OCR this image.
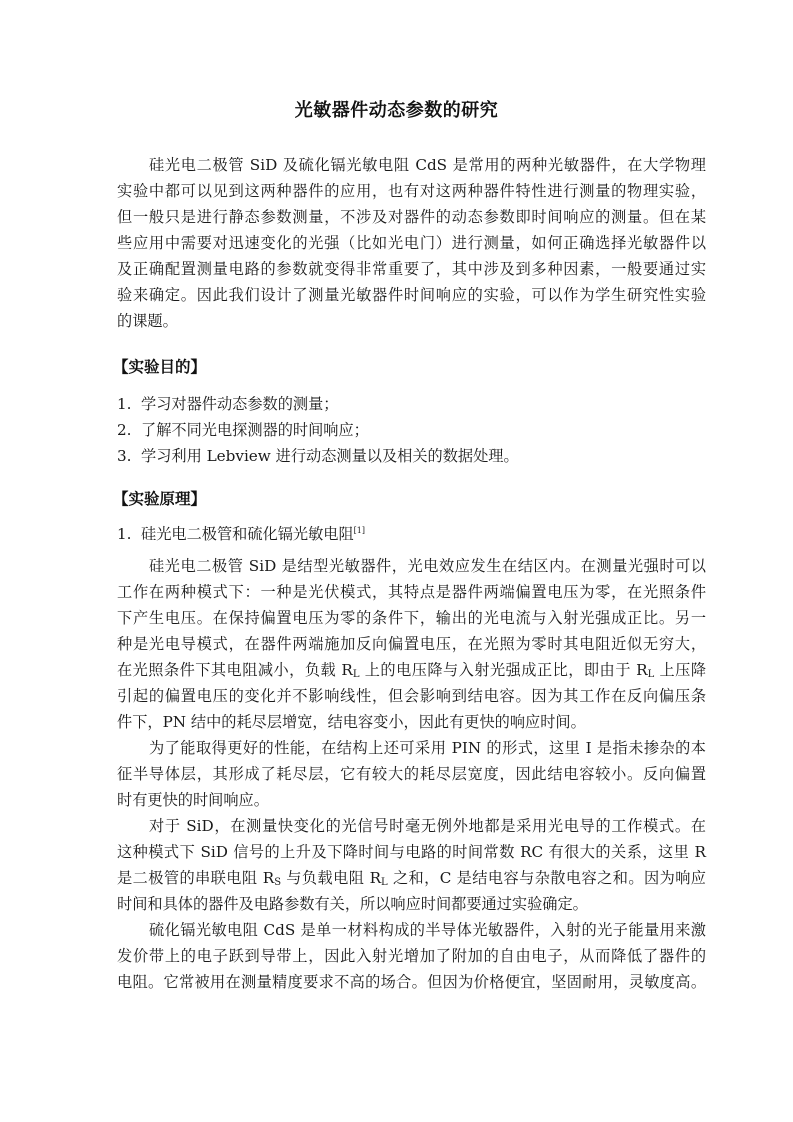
光敏器件动态参数的研究
硅光电二极管 SiD 及硫化镉光敏电阻 CdS 是常用的两种光敏器件，在大学物理
实验中都可以见到这两种器件的应用，也有对这两种器件特性进行测量的物理实验，
但一般只是进行静态参数测量，不涉及对器件的动态参数即时间响应的测量。但在某
些应用中需要对迅速变化的光强（比如光电门）进行测量，如何正确选择光敏器件以
及正确配置测量电路的参数就变得非常重要了，其中涉及到多种因素，一般要通过实
验来确定。因此我们设计了测量光敏器件时间响应的实验，可以作为学生研究性实验
的课题。
【实验目的】
1. 学习对器件动态参数的测量；
2. 了解不同光电探测器的时间响应；
3. 学习利用 Lebview 进行动态测量以及相关的数据处理。
【实验原理】
1. 硅光电二极管和硫化镉光敏电阻[1]
硅光电二极管 SiD 是结型光敏器件，光电效应发生在结区内。在测量光强时可以
工作在两种模式下：一种是光伏模式，其特点是器件两端偏置电压为零，在光照条件
下产生电压。在保持偏置电压为零的条件下，输出的光电流与入射光强成正比。另一
种是光电导模式，在器件两端施加反向偏置电压，在光照为零时其电阻近似无穷大，
在光照条件下其电阻减小，负载 $R_L$ 上的电压降与入射光强成正比，即由于 $R_L$ 上压降
引起的偏置电压的变化并不影响线性，但会影响到结电容。因为其工作在反向偏压条
件下，PN 结中的耗尽层增宽，结电容变小，因此有更快的响应时间。
为了能取得更好的性能，在结构上还可采用 PIN 的形式，这里 I 是指未掺杂的本
征半导体层，其形成了耗尽层，它有较大的耗尽层宽度，因此结电容较小。反向偏置
时有更快的时间响应。
对于 SiD，在测量快变化的光信号时毫无例外地都是采用光电导的工作模式。在
这种模式下 SiD 信号的上升及下降时间与电路的时间常数 RC 有很大的关系，这里 R
是二极管的串联电阻 $R_S$ 与负载电阻 $R_L$ 之和，C 是结电容与杂散电容之和。因为响应
时间和具体的器件及电路参数有关，所以响应时间都要通过实验确定。
硫化镉光敏电阻 CdS 是单一材料构成的半导体光敏器件，入射的光子能量用来激
发价带上的电子跃到导带上，因此入射光增加了附加的自由电子，从而降低了器件的
电阻。它常被用在测量精度要求不高的场合。但因为价格便宜，坚固耐用，灵敏度高。
